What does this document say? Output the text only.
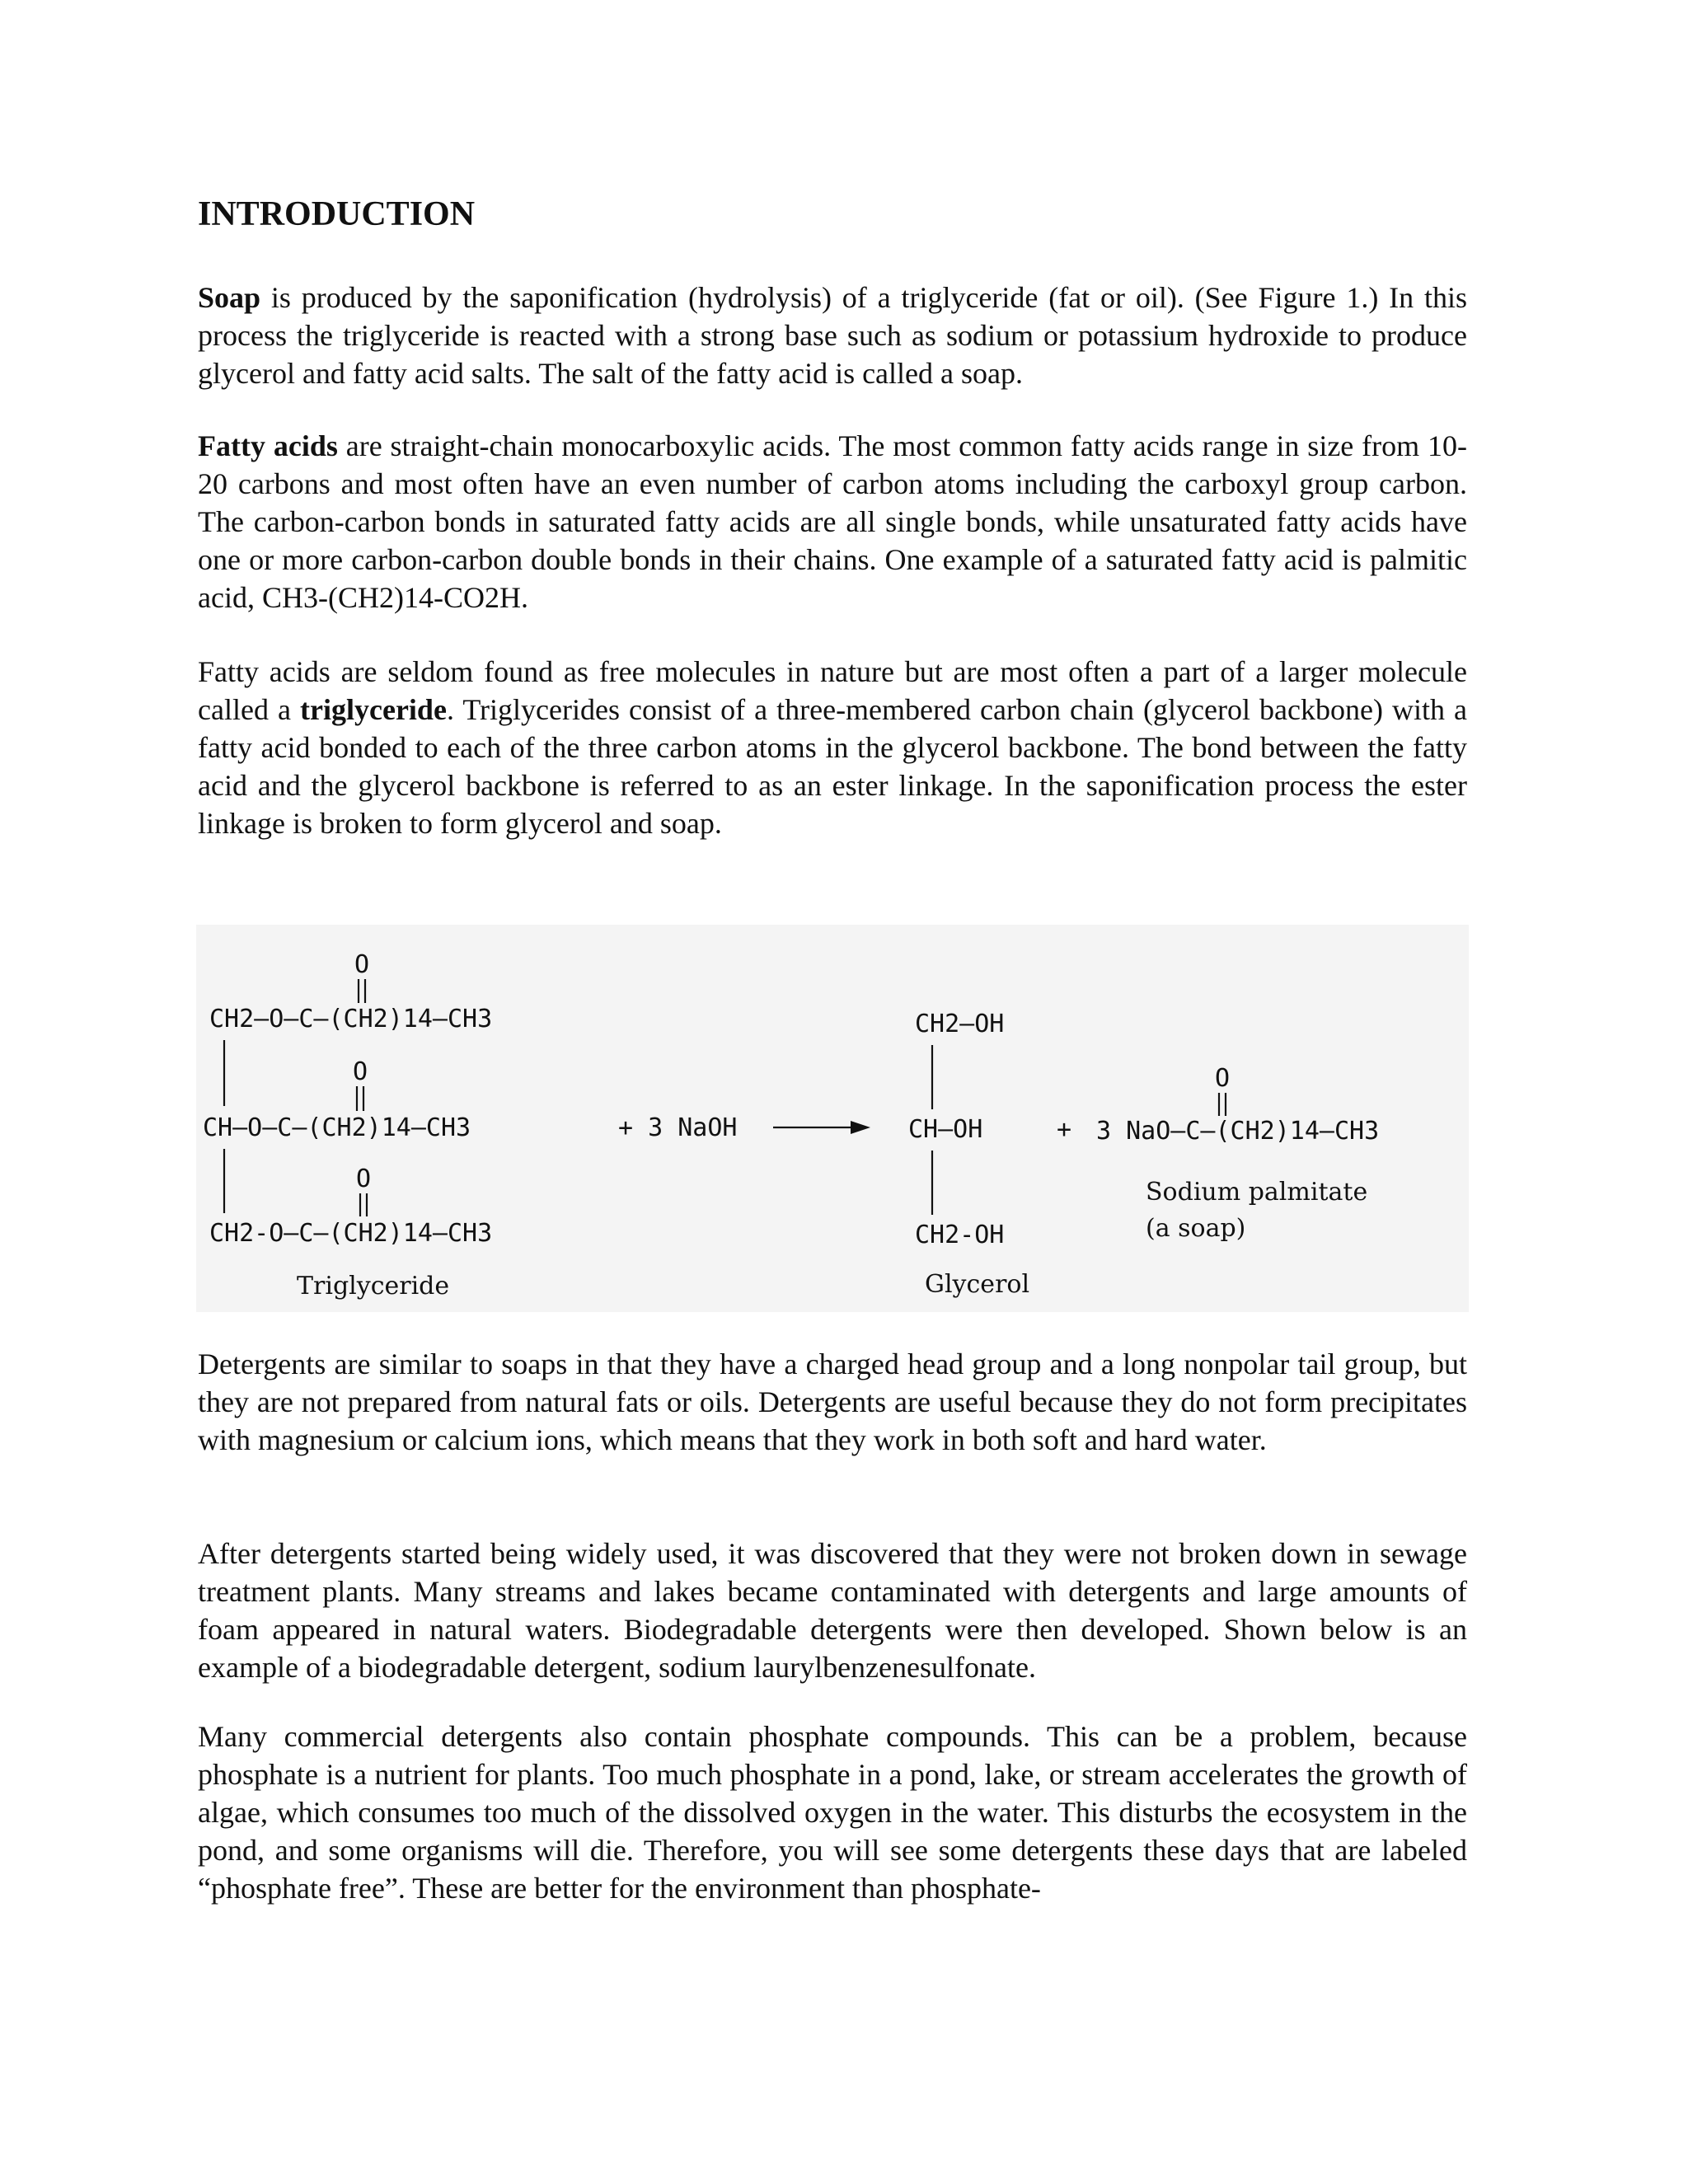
INTRODUCTION

Soap is produced by the saponification (hydrolysis) of a triglyceride (fat or oil). (See Figure 1.) In this process the triglyceride is reacted with a strong base such as sodium or potassium hydroxide to produce glycerol and fatty acid salts. The salt of the fatty acid is called a soap.

Fatty acids are straight-chain monocarboxylic acids. The most common fatty acids range in size from 10-20 carbons and most often have an even number of carbon atoms including the carboxyl group carbon. The carbon-carbon bonds in saturated fatty acids are all single bonds, while unsaturated fatty acids have one or more carbon-carbon double bonds in their chains. One example of a saturated fatty acid is palmitic acid, CH3-(CH2)14-CO2H.

Fatty acids are seldom found as free molecules in nature but are most often a part of a larger molecule called a triglyceride. Triglycerides consist of a three-membered carbon chain (glycerol backbone) with a fatty acid bonded to each of the three carbon atoms in the glycerol backbone. The bond between the fatty acid and the glycerol backbone is referred to as an ester linkage. In the saponification process the ester linkage is broken to form glycerol and soap.

O
CH2—O—C—(CH2)14—CH3
O
CH—O—C—(CH2)14—CH3
O
CH2-O—C—(CH2)14—CH3
Triglyceride
+ 3 NaOH
CH2—OH
CH—OH
CH2-OH
Glycerol
+
O
3 NaO—C—(CH2)14—CH3
Sodium palmitate
(a soap)

Detergents are similar to soaps in that they have a charged head group and a long nonpolar tail group, but they are not prepared from natural fats or oils. Detergents are useful because they do not form precipitates with magnesium or calcium ions, which means that they work in both soft and hard water.

After detergents started being widely used, it was discovered that they were not broken down in sewage treatment plants. Many streams and lakes became contaminated with detergents and large amounts of foam appeared in natural waters. Biodegradable detergents were then developed. Shown below is an example of a biodegradable detergent, sodium laurylbenzenesulfonate.

Many commercial detergents also contain phosphate compounds. This can be a problem, because phosphate is a nutrient for plants. Too much phosphate in a pond, lake, or stream accelerates the growth of algae, which consumes too much of the dissolved oxygen in the water. This disturbs the ecosystem in the pond, and some organisms will die. Therefore, you will see some detergents these days that are labeled “phosphate free”. These are better for the environment than phosphate-
